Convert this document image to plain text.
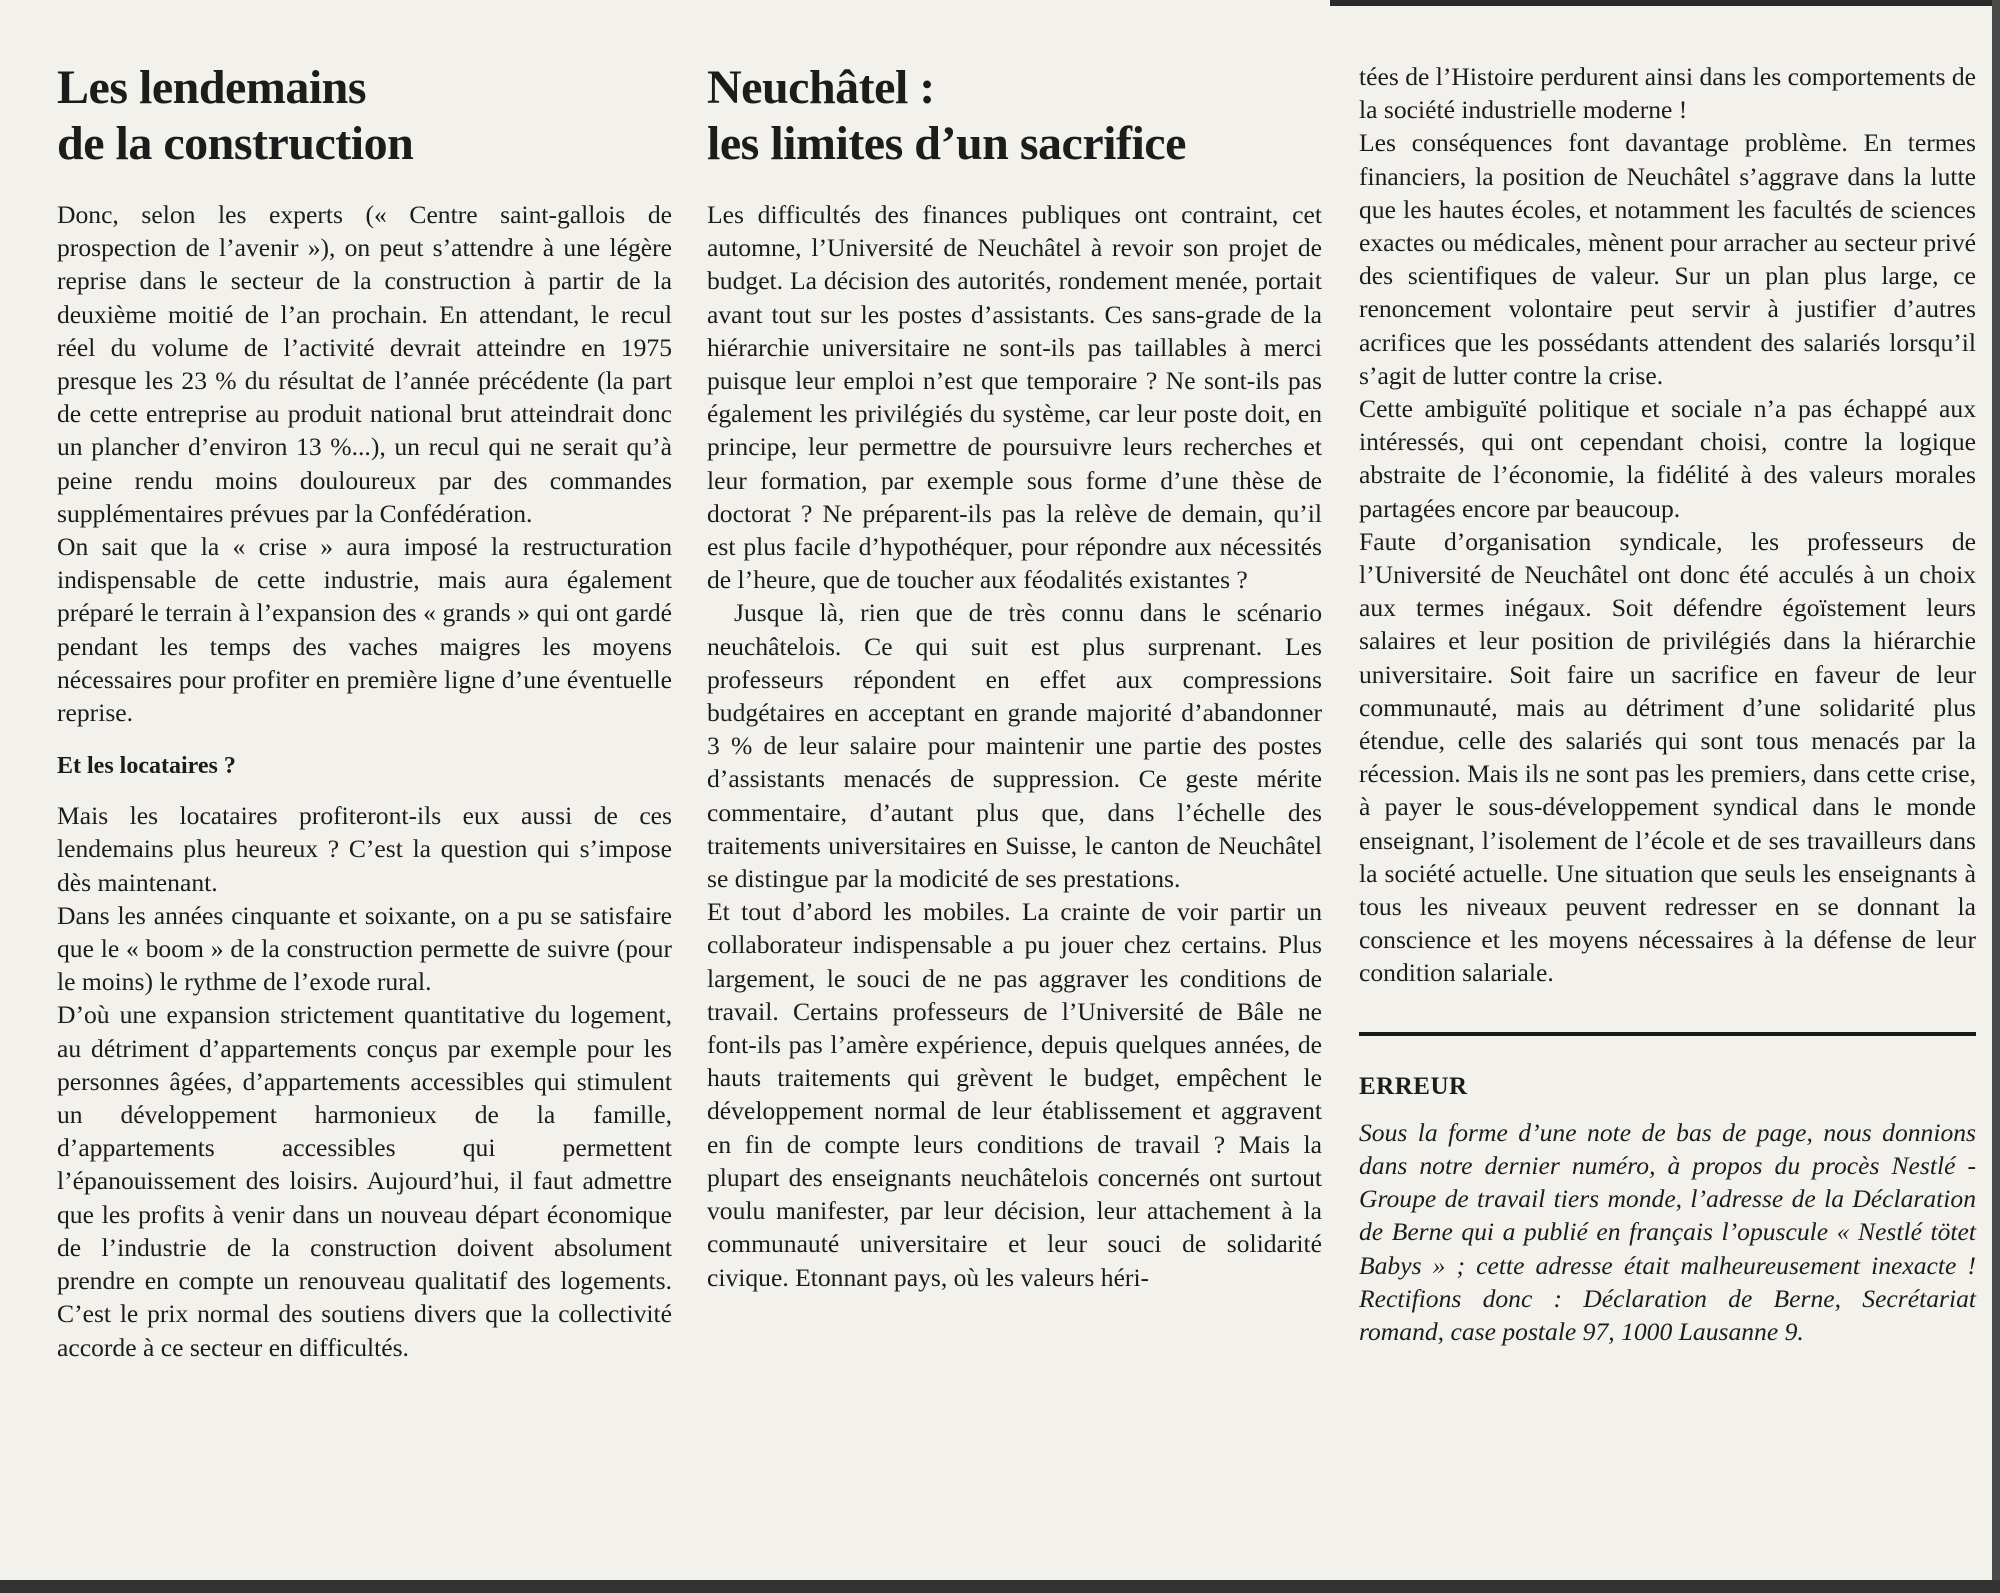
Les lendemains
de la construction

Donc, selon les experts (« Centre saint-gallois de prospection de l’avenir »), on peut s’attendre à une légère reprise dans le secteur de la construction à partir de la deuxième moitié de l’an prochain. En attendant, le recul réel du volume de l’activité devrait atteindre en 1975 presque les 23 % du résultat de l’année précédente (la part de cette entreprise au produit national brut atteindrait donc un plancher d’environ 13 %...), un recul qui ne serait qu’à peine rendu moins douloureux par des commandes supplémentaires prévues par la Confédération.

On sait que la « crise » aura imposé la restructuration indispensable de cette industrie, mais aura également préparé le terrain à l’expansion des « grands » qui ont gardé pendant les temps des vaches maigres les moyens nécessaires pour profiter en première ligne d’une éventuelle reprise.

Et les locataires ?

Mais les locataires profiteront-ils eux aussi de ces lendemains plus heureux ? C’est la question qui s’impose dès maintenant.

Dans les années cinquante et soixante, on a pu se satisfaire que le « boom » de la construction permette de suivre (pour le moins) le rythme de l’exode rural.

D’où une expansion strictement quantitative du logement, au détriment d’appartements conçus par exemple pour les personnes âgées, d’appartements accessibles qui stimulent un développement harmonieux de la famille, d’appartements accessibles qui permettent l’épanouissement des loisirs. Aujourd’hui, il faut admettre que les profits à venir dans un nouveau départ économique de l’industrie de la construction doivent absolument prendre en compte un renouveau qualitatif des logements. C’est le prix normal des soutiens divers que la collectivité accorde à ce secteur en difficultés.

Neuchâtel :
les limites d’un sacrifice

Les difficultés des finances publiques ont contraint, cet automne, l’Université de Neuchâtel à revoir son projet de budget. La décision des autorités, rondement menée, portait avant tout sur les postes d’assistants. Ces sans-grade de la hiérarchie universitaire ne sont-ils pas taillables à merci puisque leur emploi n’est que temporaire ? Ne sont-ils pas également les privilégiés du système, car leur poste doit, en principe, leur permettre de poursuivre leurs recherches et leur formation, par exemple sous forme d’une thèse de doctorat ? Ne préparent-ils pas la relève de demain, qu’il est plus facile d’hypothéquer, pour répondre aux nécessités de l’heure, que de toucher aux féodalités existantes ?

Jusque là, rien que de très connu dans le scénario neuchâtelois. Ce qui suit est plus surprenant. Les professeurs répondent en effet aux compressions budgétaires en acceptant en grande majorité d’abandonner 3 % de leur salaire pour maintenir une partie des postes d’assistants menacés de suppression. Ce geste mérite commentaire, d’autant plus que, dans l’échelle des traitements universitaires en Suisse, le canton de Neuchâtel se distingue par la modicité de ses prestations.

Et tout d’abord les mobiles. La crainte de voir partir un collaborateur indispensable a pu jouer chez certains. Plus largement, le souci de ne pas aggraver les conditions de travail. Certains professeurs de l’Université de Bâle ne font-ils pas l’amère expérience, depuis quelques années, de hauts traitements qui grèvent le budget, empêchent le développement normal de leur établissement et aggravent en fin de compte leurs conditions de travail ? Mais la plupart des enseignants neuchâtelois concernés ont surtout voulu manifester, par leur décision, leur attachement à la communauté universitaire et leur souci de solidarité civique. Etonnant pays, où les valeurs héri-

tées de l’Histoire perdurent ainsi dans les comportements de la société industrielle moderne !

Les conséquences font davantage problème. En termes financiers, la position de Neuchâtel s’aggrave dans la lutte que les hautes écoles, et notamment les facultés de sciences exactes ou médicales, mènent pour arracher au secteur privé des scientifiques de valeur. Sur un plan plus large, ce renoncement volontaire peut servir à justifier d’autres acrifices que les possédants attendent des salariés lorsqu’il s’agit de lutter contre la crise.

Cette ambiguïté politique et sociale n’a pas échappé aux intéressés, qui ont cependant choisi, contre la logique abstraite de l’économie, la fidélité à des valeurs morales partagées encore par beaucoup.

Faute d’organisation syndicale, les professeurs de l’Université de Neuchâtel ont donc été acculés à un choix aux termes inégaux. Soit défendre égoïstement leurs salaires et leur position de privilégiés dans la hiérarchie universitaire. Soit faire un sacrifice en faveur de leur communauté, mais au détriment d’une solidarité plus étendue, celle des salariés qui sont tous menacés par la récession. Mais ils ne sont pas les premiers, dans cette crise, à payer le sous-développement syndical dans le monde enseignant, l’isolement de l’école et de ses travailleurs dans la société actuelle. Une situation que seuls les enseignants à tous les niveaux peuvent redresser en se donnant la conscience et les moyens nécessaires à la défense de leur condition salariale.

ERREUR
Sous la forme d’une note de bas de page, nous donnions dans notre dernier numéro, à propos du procès Nestlé - Groupe de travail tiers monde, l’adresse de la Déclaration de Berne qui a publié en français l’opuscule « Nestlé tötet Babys » ; cette adresse était malheureusement inexacte ! Rectifions donc : Déclaration de Berne, Secrétariat romand, case postale 97, 1000 Lausanne 9.
